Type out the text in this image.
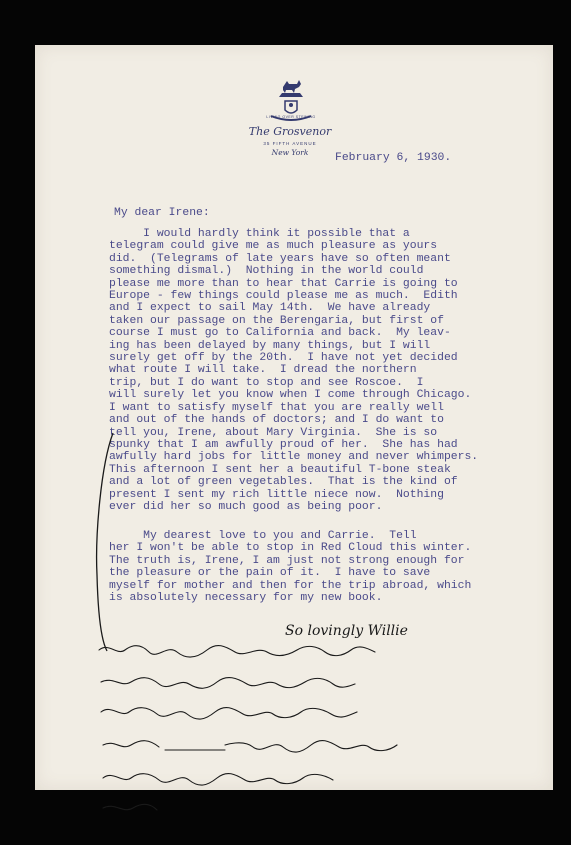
LIVING OVER STEWING
The Grosvenor
35 FIFTH AVENUE
New York	February 6, 1930.
My dear Irene:
I would hardly think it possible that a
telegram could give me as much pleasure as yours
did.  (Telegrams of late years have so often meant
something dismal.)  Nothing in the world could
please me more than to hear that Carrie is going to
Europe - few things could please me as much.  Edith
and I expect to sail May 14th.  We have already
taken our passage on the Berengaria, but first of
course I must go to California and back.  My leav-
ing has been delayed by many things, but I will
surely get off by the 20th.  I have not yet decided
what route I will take.  I dread the northern
trip, but I do want to stop and see Roscoe.  I
will surely let you know when I come through Chicago.
I want to satisfy myself that you are really well
and out of the hands of doctors; and I do want to
tell you, Irene, about Mary Virginia.  She is so
spunky that I am awfully proud of her.  She has had
awfully hard jobs for little money and never whimpers.
This afternoon I sent her a beautiful T-bone steak
and a lot of green vegetables.  That is the kind of
present I sent my rich little niece now.  Nothing
ever did her so much good as being poor.
My dearest love to you and Carrie.  Tell
her I won't be able to stop in Red Cloud this winter.
The truth is, Irene, I am just not strong enough for
the pleasure or the pain of it.  I have to save
myself for mother and then for the trip abroad, which
is absolutely necessary for my new book.
So lovingly Willie
This is a secret. I don't know how much the family know about these affairs, and I don't want to give anything away. She is terribly rich — but it's such a hard year to get work. I don't believe they'll ever starve her out!
